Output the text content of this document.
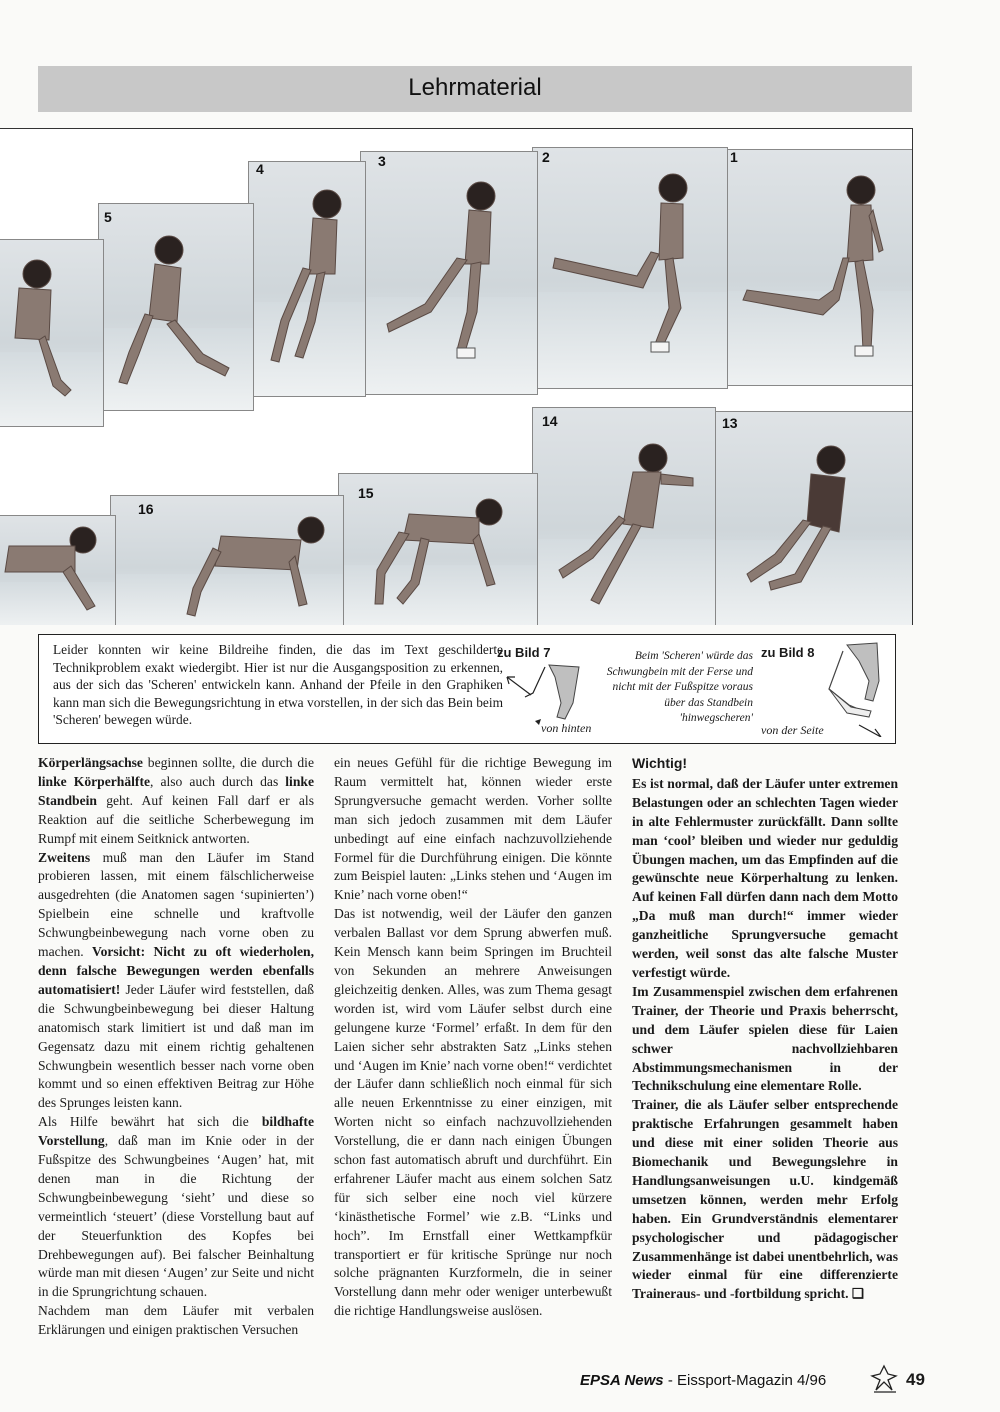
Lehrmaterial
1
2
3
4
5
13
14
15
16
Leider konnten wir keine Bildreihe finden, die das im Text geschilderte Technikproblem exakt wiedergibt. Hier ist nur die Ausgangsposition zu erkennen, aus der sich das 'Scheren' entwickeln kann. Anhand der Pfeile in den Graphiken kann man sich die Bewegungsrichtung in etwa vorstellen, in der sich das Bein beim 'Scheren' bewegen würde.
zu Bild 7
von hinten
Beim 'Scheren' würde das Schwungbein mit der Ferse und nicht mit der Fußspitze voraus über das Standbein 'hinwegscheren'
zu Bild 8
von der Seite

Körperlängsachse beginnen sollte, die durch die linke Körperhälfte, also auch durch das linke Standbein geht. Auf keinen Fall darf er als Reaktion auf die seitliche Scherbewegung im Rumpf mit einem Seitknick antworten.

Zweitens muß man den Läufer im Stand probieren lassen, mit einem fälschlicherweise ausgedrehten (die Anatomen sagen ‘supinierten’) Spielbein eine schnelle und kraftvolle Schwungbeinbewegung nach vorne oben zu machen. Vorsicht: Nicht zu oft wiederholen, denn falsche Bewegungen werden ebenfalls automatisiert! Jeder Läufer wird feststellen, daß die Schwungbeinbewegung bei dieser Haltung anatomisch stark limitiert ist und daß man im Gegensatz dazu mit einem richtig gehaltenen Schwungbein wesentlich besser nach vorne oben kommt und so einen effektiven Beitrag zur Höhe des Sprunges leisten kann.

Als Hilfe bewährt hat sich die bildhafte Vorstellung, daß man im Knie oder in der Fußspitze des Schwungbeines ‘Augen’ hat, mit denen man in die Richtung der Schwungbeinbewegung ‘sieht’ und diese so vermeintlich ‘steuert’ (diese Vorstellung baut auf der Steuerfunktion des Kopfes bei Drehbewegungen auf). Bei falscher Beinhaltung würde man mit diesen ‘Augen’ zur Seite und nicht in die Sprungrichtung schauen.

Nachdem man dem Läufer mit verbalen Erklärungen und einigen praktischen Versuchen

ein neues Gefühl für die richtige Bewegung im Raum vermittelt hat, können wieder erste Sprungversuche gemacht werden. Vorher sollte man sich jedoch zusammen mit dem Läufer unbedingt auf eine einfach nachzuvollziehende Formel für die Durchführung einigen. Die könnte zum Beispiel lauten: „Links stehen und ‘Augen im Knie’ nach vorne oben!“

Das ist notwendig, weil der Läufer den ganzen verbalen Ballast vor dem Sprung abwerfen muß. Kein Mensch kann beim Springen im Bruchteil von Sekunden an mehrere Anweisungen gleichzeitig denken. Alles, was zum Thema gesagt worden ist, wird vom Läufer selbst durch eine gelungene kurze ‘Formel’ erfaßt. In dem für den Laien sicher sehr abstrakten Satz „Links stehen und ‘Augen im Knie’ nach vorne oben!“ verdichtet der Läufer dann schließlich noch einmal für sich alle neuen Erkenntnisse zu einer einzigen, mit Worten nicht so einfach nachzuvollziehenden Vorstellung, die er dann nach einigen Übungen schon fast automatisch abruft und durchführt. Ein erfahrener Läufer macht aus einem solchen Satz für sich selber eine noch viel kürzere ‘kinästhetische Formel’ wie z.B. “Links und hoch”. Im Ernstfall einer Wettkampfkür transportiert er für kritische Sprünge nur noch solche prägnanten Kurzformeln, die in seiner Vorstellung dann mehr oder weniger unterbewußt die richtige Handlungsweise auslösen.

Wichtig!

Es ist normal, daß der Läufer unter extremen Belastungen oder an schlechten Tagen wieder in alte Fehlermuster zurückfällt. Dann sollte man ‘cool’ bleiben und wieder nur geduldig Übungen machen, um das Empfinden auf die gewünschte neue Körperhaltung zu lenken. Auf keinen Fall dürfen dann nach dem Motto „Da muß man durch!“ immer wieder ganzheitliche Sprungversuche gemacht werden, weil sonst das alte falsche Muster verfestigt würde.

Im Zusammenspiel zwischen dem erfahrenen Trainer, der Theorie und Praxis beherrscht, und dem Läufer spielen diese für Laien schwer nachvollziehbaren Abstimmungsmechanismen in der Technikschulung eine elementare Rolle.

Trainer, die als Läufer selber entsprechende praktische Erfahrungen gesammelt haben und diese mit einer soliden Theorie aus Biomechanik und Bewegungslehre in Handlungsanweisungen u.U. kindgemäß umsetzen können, werden mehr Erfolg haben. Ein Grundverständnis elementarer psychologischer und pädagogischer Zusammenhänge ist dabei unentbehrlich, was wieder einmal für eine differenzierte Traineraus- und -fortbildung spricht. ❑

EPSA News - Eissport-Magazin 4/96	49
